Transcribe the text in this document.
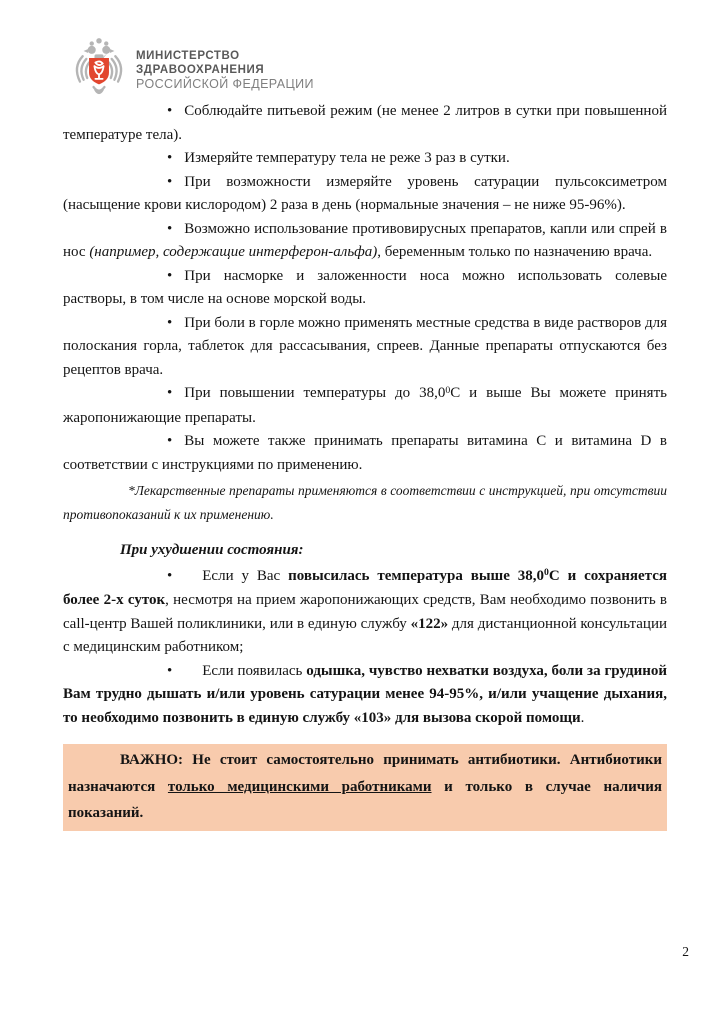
МИНИСТЕРСТВО
ЗДРАВООХРАНЕНИЯ
РОССИЙСКОЙ ФЕДЕРАЦИИ

• Соблюдайте питьевой режим (не менее 2 литров в сутки при повышенной температуре тела).

• Измеряйте температуру тела не реже 3 раз в сутки.

• При возможности измеряйте уровень сатурации пульсоксиметром (насыщение крови кислородом) 2 раза в день (нормальные значения – не ниже 95-96%).

• Возможно использование противовирусных препаратов, капли или спрей в нос (например, содержащие интерферон-альфа), беременным только по назначению врача.

• При насморке и заложенности носа можно использовать солевые растворы, в том числе на основе морской воды.

• При боли в горле можно применять местные средства в виде растворов для полоскания горла, таблеток для рассасывания, спреев. Данные препараты отпускаются без рецептов врача.

• При повышении температуры до 38,0$^0$С и выше Вы можете принять жаропонижающие препараты.

• Вы можете также принимать препараты витамина С и витамина D в соответствии с инструкциями по применению.

*Лекарственные препараты применяются в соответствии с инструкцией, при отсутствии противопоказаний к их применению.

При ухудшении состояния:

• Если у Вас повысилась температура выше 38,0$^0$С и сохраняется более 2-х суток, несмотря на прием жаропонижающих средств, Вам необходимо позвонить в call-центр Вашей поликлиники, или в единую службу «122» для дистанционной консультации с медицинским работником;

• Если появилась одышка, чувство нехватки воздуха, боли за грудиной Вам трудно дышать и/или уровень сатурации менее 94-95%, и/или учащение дыхания, то необходимо позвонить в единую службу «103» для вызова скорой помощи.

ВАЖНО: Не стоит самостоятельно принимать антибиотики. Антибиотики назначаются только медицинскими работниками и только в случае наличия показаний.
2
